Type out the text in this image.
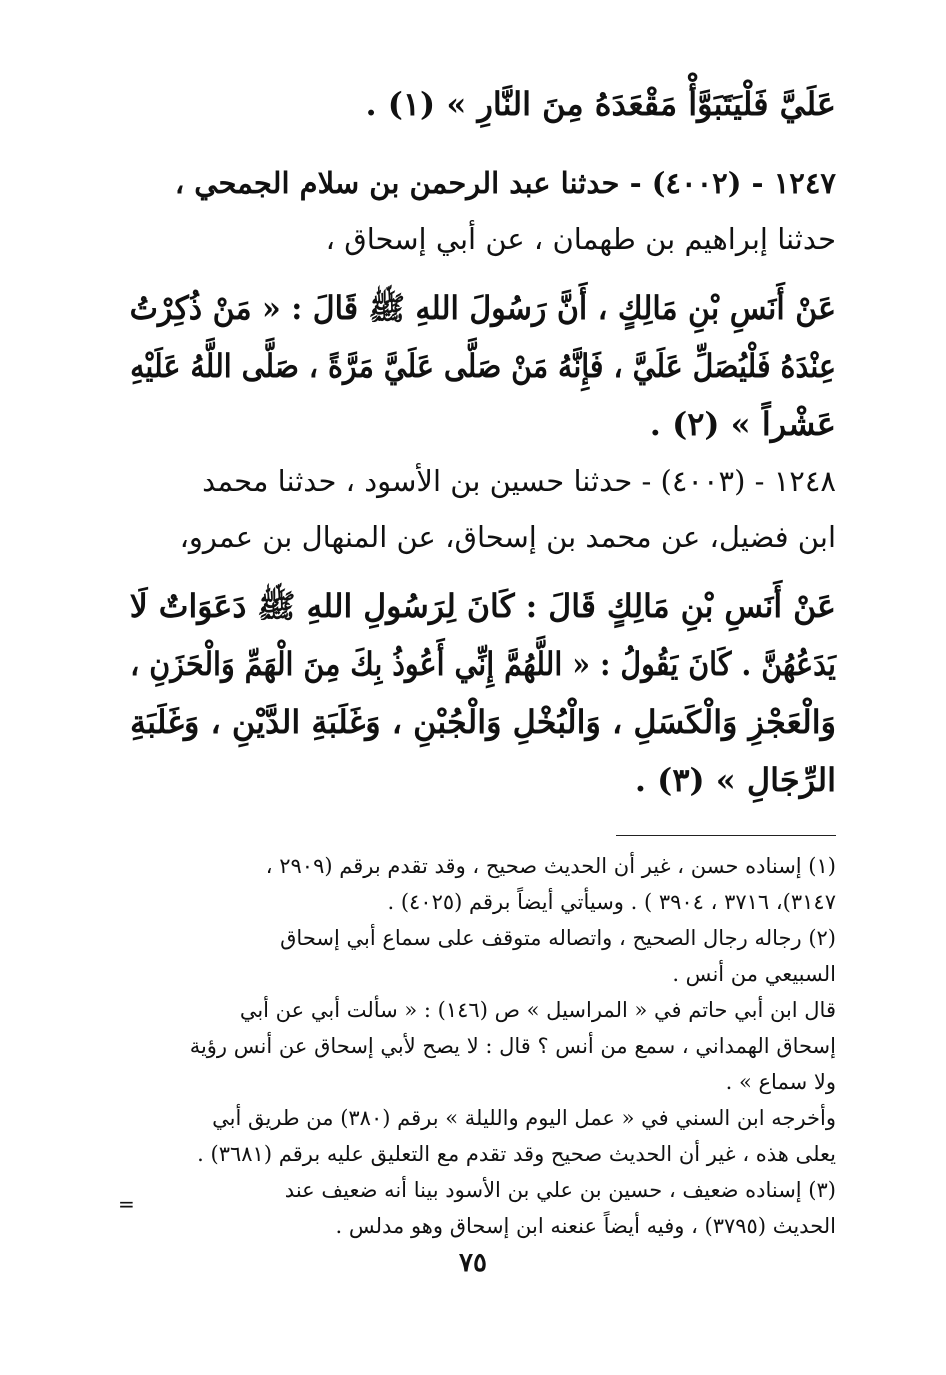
عَلَيَّ فَلْيَتَبَوَّأْ مَقْعَدَهُ مِنَ النَّارِ » (١) .

١٢٤٧ - (٤٠٠٢) - حدثنا عبد الرحمن بن سلام الجمحي ،
حدثنا إبراهيم بن طهمان ، عن أبي إسحاق ،

عَنْ أَنَسِ بْنِ مَالِكٍ ، أَنَّ رَسُولَ اللهِ ﷺ قَالَ : « مَنْ ذُكِرْتُ
عِنْدَهُ فَلْيُصَلِّ عَلَيَّ ، فَإِنَّهُ مَنْ صَلَّى عَلَيَّ مَرَّةً ، صَلَّى اللَّهُ عَلَيْهِ
عَشْراً » (٢) .

١٢٤٨ - (٤٠٠٣) - حدثنا حسين بن الأسود ، حدثنا محمد
ابن فضيل، عن محمد بن إسحاق، عن المنهال بن عمرو،

عَنْ أَنَسِ بْنِ مَالِكٍ قَالَ : كَانَ لِرَسُولِ اللهِ ﷺ دَعَوَاتٌ لَا
يَدَعُهُنَّ . كَانَ يَقُولُ : « اللَّهُمَّ إِنِّي أَعُوذُ بِكَ مِنَ الْهَمِّ وَالْحَزَنِ ،
وَالْعَجْزِ وَالْكَسَلِ ، وَالْبُخْلِ وَالْجُبْنِ ، وَغَلَبَةِ الدَّيْنِ ، وَغَلَبَةِ
الرِّجَالِ » (٣) .

(١) إسناده حسن ، غير أن الحديث صحيح ، وقد تقدم برقم (٢٩٠٩ ،
٣١٤٧)، ٣٧١٦ ، ٣٩٠٤ ) . وسيأتي أيضاً برقم (٤٠٢٥) .

(٢) رجاله رجال الصحيح ، واتصاله متوقف على سماع أبي إسحاق
السبيعي من أنس .

قال ابن أبي حاتم في « المراسيل » ص (١٤٦) : « سألت أبي عن أبي
إسحاق الهمداني ، سمع من أنس ؟ قال : لا يصح لأبي إسحاق عن أنس رؤية
ولا سماع » .

وأخرجه ابن السني في « عمل اليوم والليلة » برقم (٣٨٠) من طريق أبي
يعلى هذه ، غير أن الحديث صحيح وقد تقدم مع التعليق عليه برقم (٣٦٨١) .

(٣) إسناده ضعيف ، حسين بن علي بن الأسود بينا أنه ضعيف عند
الحديث (٣٧٩٥) ، وفيه أيضاً عنعنه ابن إسحاق وهو مدلس .

=
٧٥
